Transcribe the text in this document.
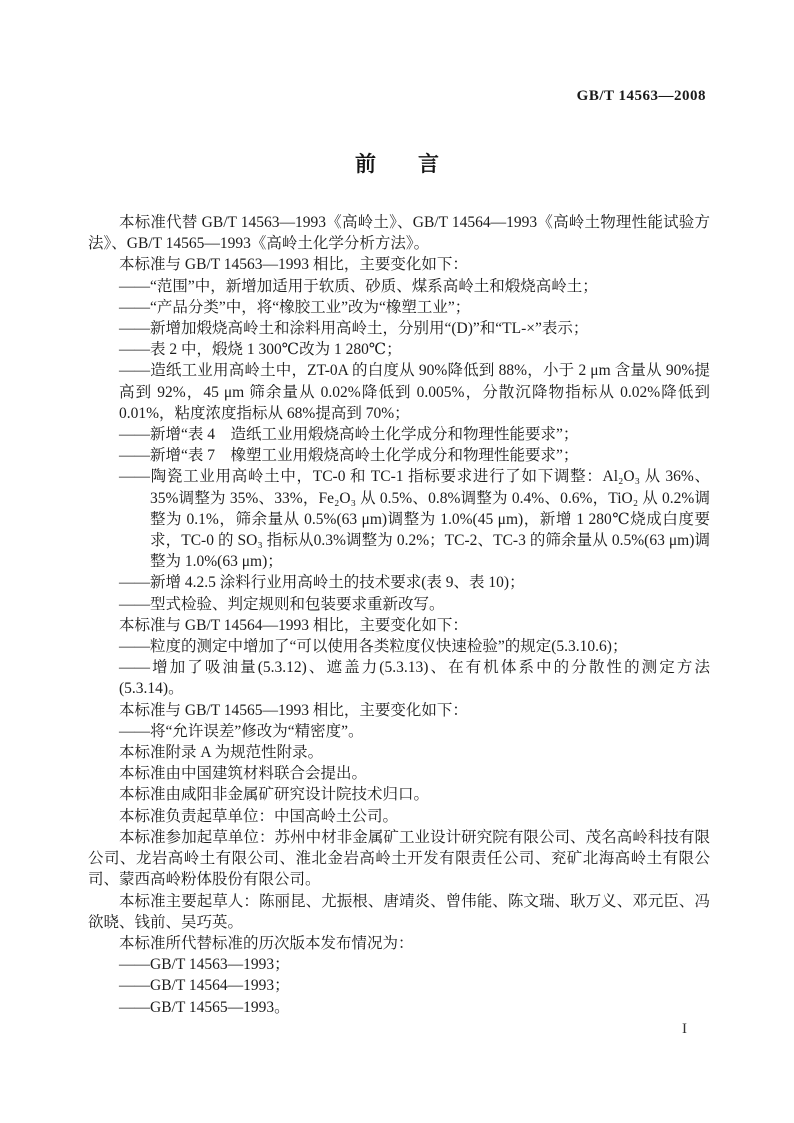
GB/T 14563—2008
前　　言
本标准代替 GB/T 14563—1993《高岭土》、GB/T 14564—1993《高岭土物理性能试验方法》、GB/T 14565—1993《高岭土化学分析方法》。
本标准与 GB/T 14563—1993 相比，主要变化如下：
——“范围”中，新增加适用于软质、砂质、煤系高岭土和煅烧高岭土；
——“产品分类”中，将“橡胶工业”改为“橡塑工业”；
——新增加煅烧高岭土和涂料用高岭土，分别用“(D)”和“TL-×”表示；
——表 2 中，煅烧 1 300℃改为 1 280℃；
——造纸工业用高岭土中，ZT-0A 的白度从 90%降低到 88%，小于 2 μm 含量从 90%提高到 92%，45 μm 筛余量从 0.02%降低到 0.005%，分散沉降物指标从 0.02%降低到 0.01%，粘度浓度指标从 68%提高到 70%；
——新增“表 4　造纸工业用煅烧高岭土化学成分和物理性能要求”；
——新增“表 7　橡塑工业用煅烧高岭土化学成分和物理性能要求”；
——陶瓷工业用高岭土中，TC-0 和 TC-1 指标要求进行了如下调整：Al₂O₃ 从 36%、35%调整为 35%、33%，Fe₂O₃ 从 0.5%、0.8%调整为 0.4%、0.6%，TiO₂ 从 0.2%调整为 0.1%，筛余量从 0.5%(63 μm)调整为 1.0%(45 μm)，新增 1 280℃烧成白度要求，TC-0 的 SO₃ 指标从0.3%调整为 0.2%；TC-2、TC-3 的筛余量从 0.5%(63 μm)调整为 1.0%(63 μm)；
——新增 4.2.5 涂料行业用高岭土的技术要求(表 9、表 10)；
——型式检验、判定规则和包装要求重新改写。
本标准与 GB/T 14564—1993 相比，主要变化如下：
——粒度的测定中增加了“可以使用各类粒度仪快速检验”的规定(5.3.10.6)；
——增加了吸油量(5.3.12)、遮盖力(5.3.13)、在有机体系中的分散性的测定方法(5.3.14)。
本标准与 GB/T 14565—1993 相比，主要变化如下：
——将“允许误差”修改为“精密度”。
本标准附录 A 为规范性附录。
本标准由中国建筑材料联合会提出。
本标准由咸阳非金属矿研究设计院技术归口。
本标准负责起草单位：中国高岭土公司。
本标准参加起草单位：苏州中材非金属矿工业设计研究院有限公司、茂名高岭科技有限公司、龙岩高岭土有限公司、淮北金岩高岭土开发有限责任公司、兖矿北海高岭土有限公司、蒙西高岭粉体股份有限公司。
本标准主要起草人：陈丽昆、尤振根、唐靖炎、曾伟能、陈文瑞、耿万义、邓元臣、冯欲晓、钱前、吴巧英。
本标准所代替标准的历次版本发布情况为：
——GB/T 14563—1993；
——GB/T 14564—1993；
——GB/T 14565—1993。
I
